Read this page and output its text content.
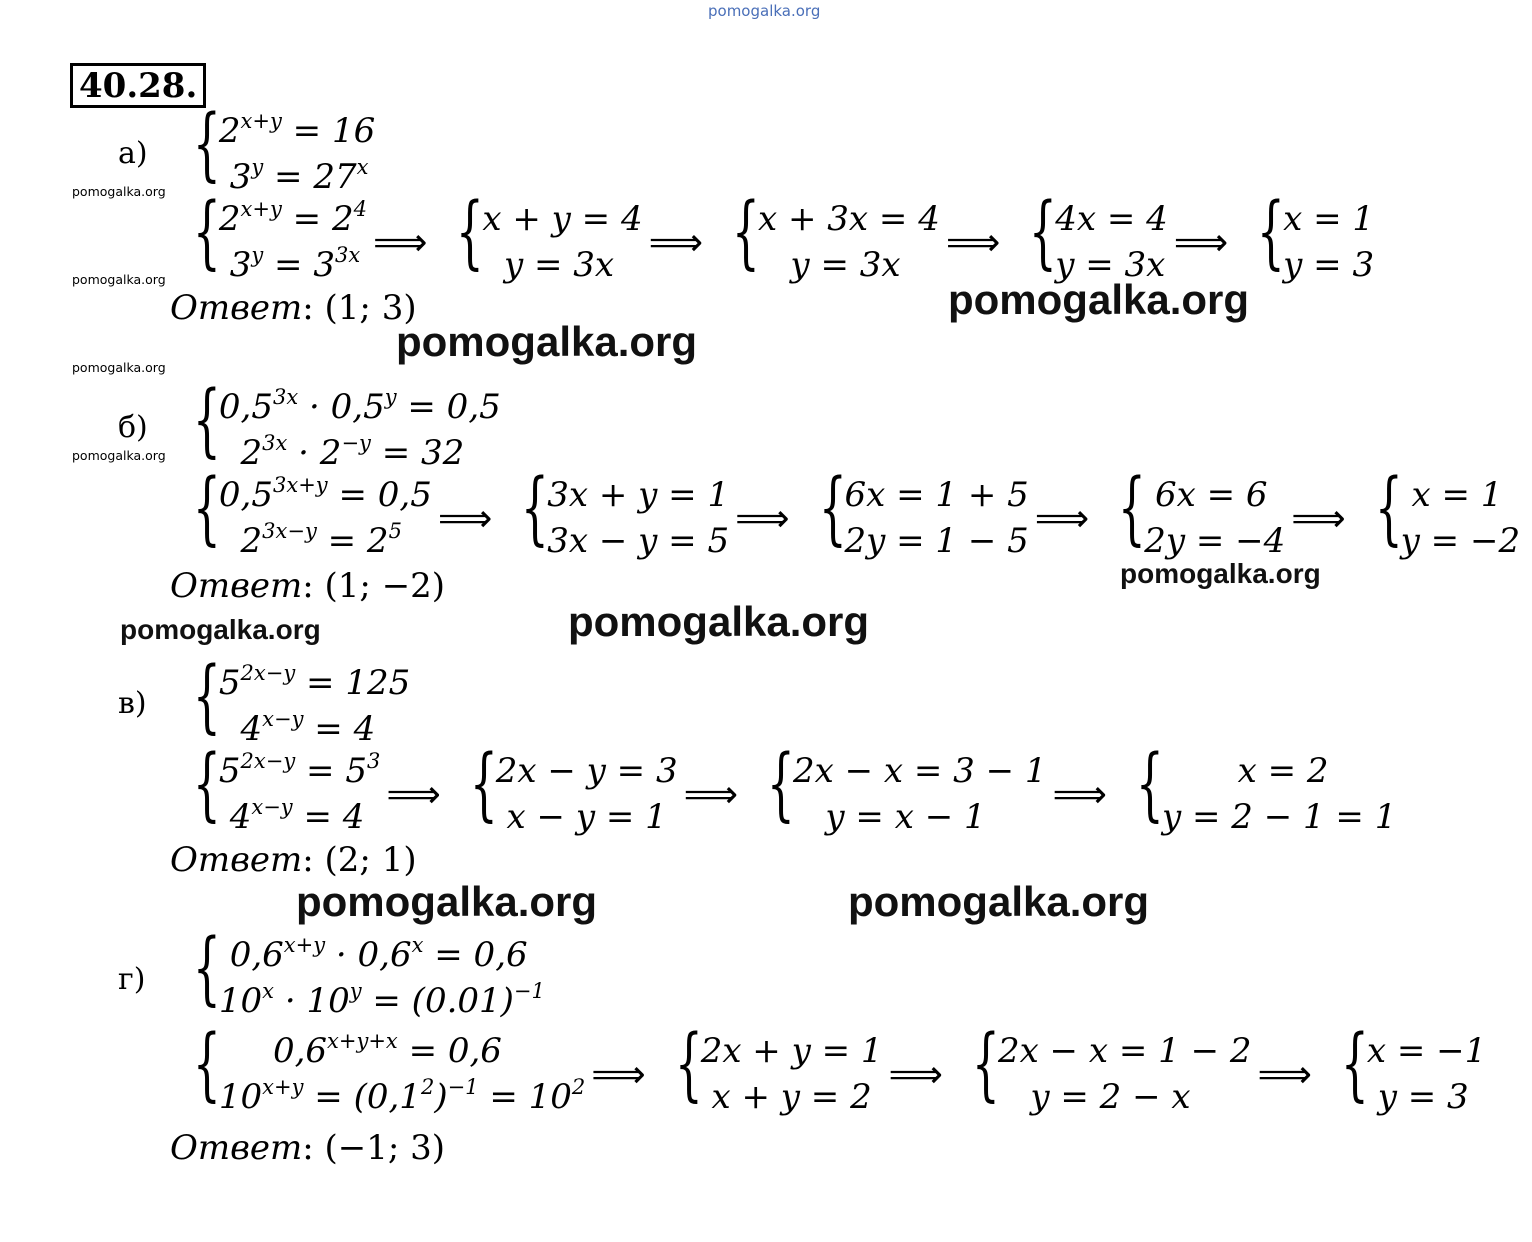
pomogalka.org
40.28.
pomogalka.org
pomogalka.org
pomogalka.org
pomogalka.org
pomogalka.org
pomogalka.org
pomogalka.org
pomogalka.org	pomogalka.org
pomogalka.org
pomogalka.org
а) {
$2^{x+y} = 16$
$3^y = 27^x$
{
$2^{x+y} = 2^4$
$3^y = 3^{3x}$ ⟹ {
x + y = 4
y = 3x
⟹ {
x + 3x = 4
y = 3x
⟹ {
4x = 4
y = 3x
⟹ {
x = 1
y = 3
Ответ: (1; 3)
б) {
$0,5^{3x} \cdot 0,5^y = 0,5$
$2^{3x} \cdot 2^{-y} = 32$
{
$0,5^{3x+y} = 0,5$
$2^{3x-y} = 2^5$ ⟹ {
3x + y = 1
3x − y = 5
⟹ {
6x = 1 + 5
2y = 1 − 5
⟹ {
6x = 6
2y = −4
⟹ {
x = 1
y = −2
Ответ: (1; −2)
в) {
$5^{2x-y} = 125$
$4^{x-y} = 4$
{
$5^{2x-y} = 5^3$
$4^{x-y} = 4$
⟹ {
2x − y = 3
x − y = 1
⟹ {
2x − x = 3 − 1
y = x − 1
⟹ {
x = 2
y = 2 − 1 = 1
Ответ: (2; 1)
г) {
$0,6^{x+y} \cdot 0,6^x = 0,6$
$10^x \cdot 10^y = (0.01)^{-1}$
{
$0,6^{x+y+x} = 0,6$
$10^{x+y} = (0,1^2)^{-1} = 10^2$ ⟹ {
2x + y = 1
x + y = 2
⟹ {
2x − x = 1 − 2
y = 2 − x
⟹ {
x = −1
y = 3
Ответ: (−1; 3)
